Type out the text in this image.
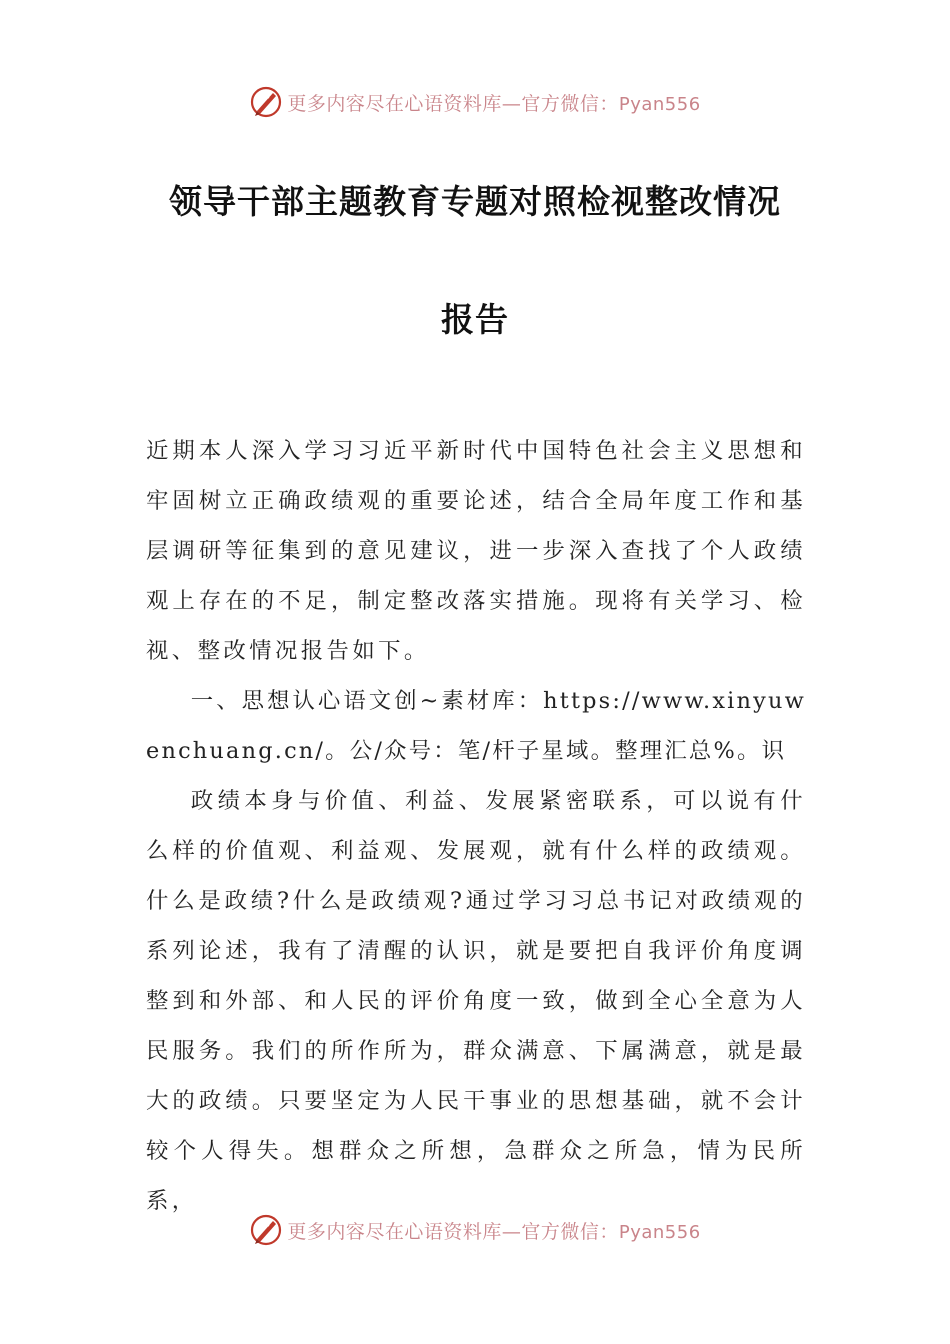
更多内容尽在心语资料库—官方微信：Pyan556
领导干部主题教育专题对照检视整改情况
报告

近期本人深入学习习近平新时代中国特色社会主义思想和牢固树立正确政绩观的重要论述，结合全局年度工作和基层调研等征集到的意见建议，进一步深入查找了个人政绩观上存在的不足，制定整改落实措施。现将有关学习、检视、整改情况报告如下。

一、思想认心语文创~素材库：https://www.xinyuwenchuang.cn/。公/众号：笔/杆子星域。整理汇总%。识

政绩本身与价值、利益、发展紧密联系，可以说有什么样的价值观、利益观、发展观，就有什么样的政绩观。什么是政绩?什么是政绩观?通过学习习总书记对政绩观的系列论述，我有了清醒的认识，就是要把自我评价角度调整到和外部、和人民的评价角度一致，做到全心全意为人民服务。我们的所作所为，群众满意、下属满意，就是最大的政绩。只要坚定为人民干事业的思想基础，就不会计较个人得失。想群众之所想，急群众之所急，情为民所系，

更多内容尽在心语资料库—官方微信：Pyan556
